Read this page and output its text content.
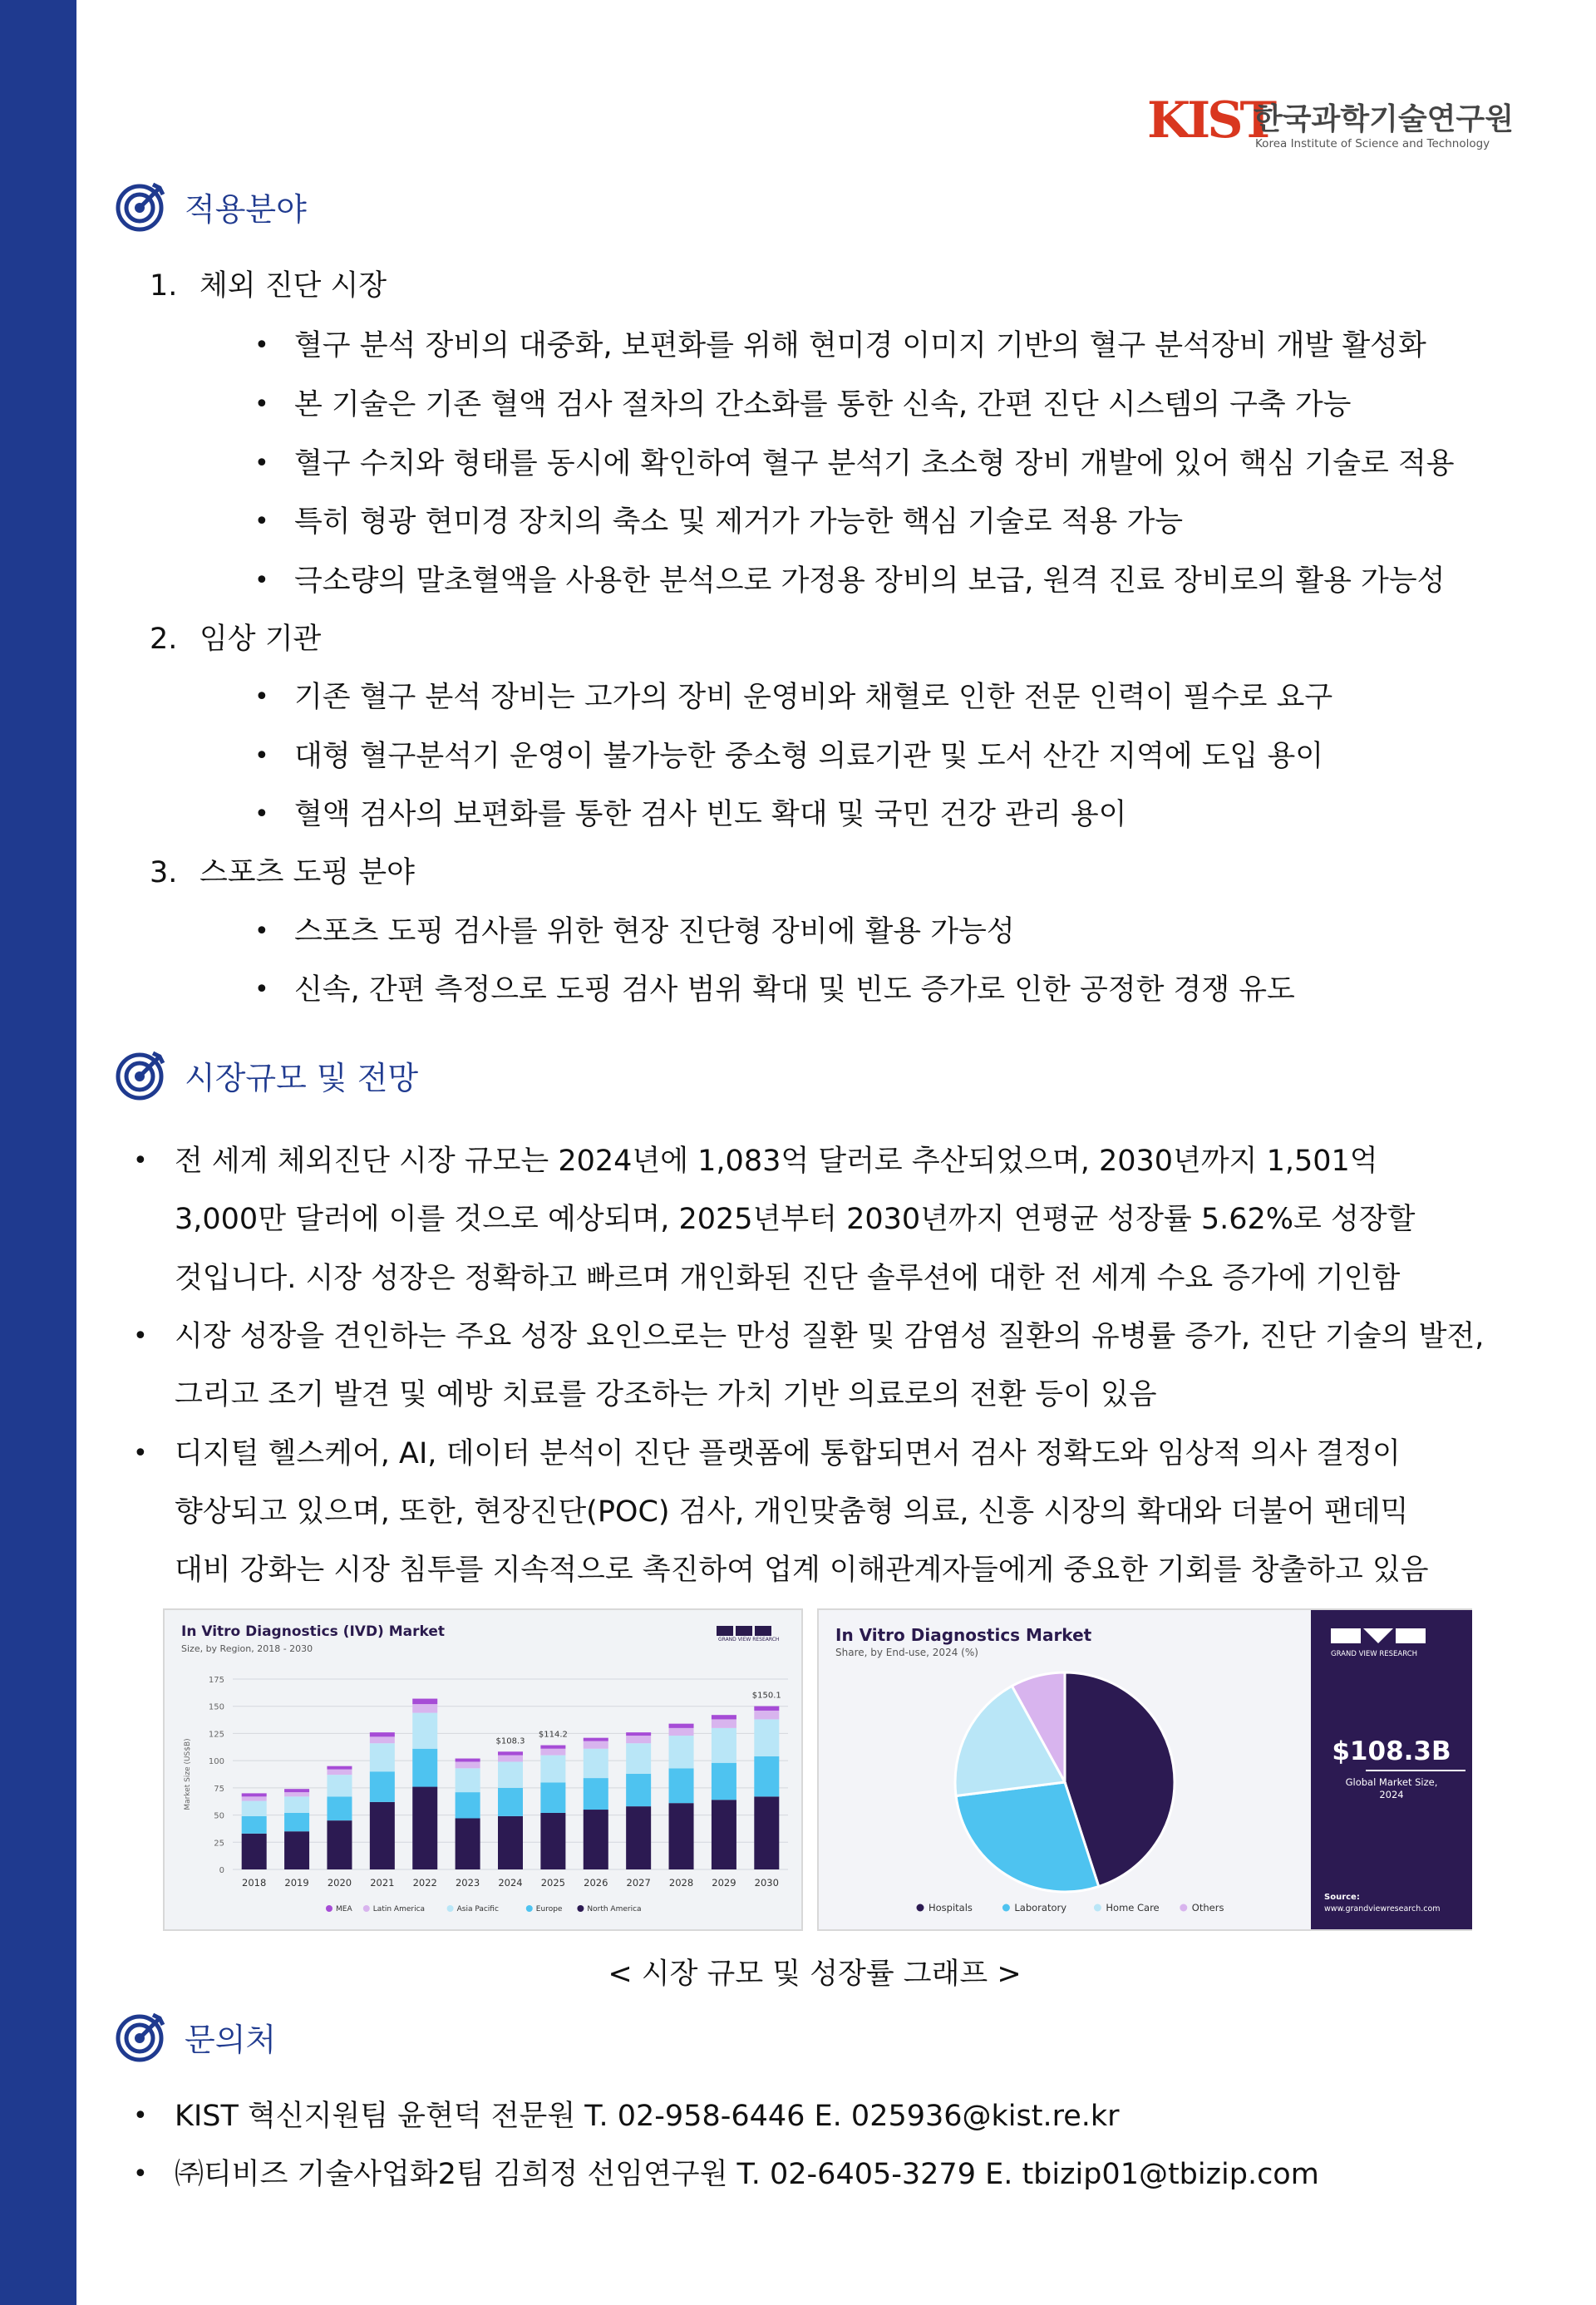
KIST
한국과학기술연구원
Korea Institute of Science and Technology
적용분야
1. 체외 진단 시장
• 혈구 분석 장비의 대중화, 보편화를 위해 현미경 이미지 기반의 혈구 분석장비 개발 활성화
• 본 기술은 기존 혈액 검사 절차의 간소화를 통한 신속, 간편 진단 시스템의 구축 가능
• 혈구 수치와 형태를 동시에 확인하여 혈구 분석기 초소형 장비 개발에 있어 핵심 기술로 적용
• 특히 형광 현미경 장치의 축소 및 제거가 가능한 핵심 기술로 적용 가능
• 극소량의 말초혈액을 사용한 분석으로 가정용 장비의 보급, 원격 진료 장비로의 활용 가능성
2. 임상 기관
• 기존 혈구 분석 장비는 고가의 장비 운영비와 채혈로 인한 전문 인력이 필수로 요구
• 대형 혈구분석기 운영이 불가능한 중소형 의료기관 및 도서 산간 지역에 도입 용이
• 혈액 검사의 보편화를 통한 검사 빈도 확대 및 국민 건강 관리 용이
3. 스포츠 도핑 분야
• 스포츠 도핑 검사를 위한 현장 진단형 장비에 활용 가능성
• 신속, 간편 측정으로 도핑 검사 범위 확대 및 빈도 증가로 인한 공정한 경쟁 유도
시장규모 및 전망
• 전 세계 체외진단 시장 규모는 2024년에 1,083억 달러로 추산되었으며, 2030년까지 1,501억
3,000만 달러에 이를 것으로 예상되며, 2025년부터 2030년까지 연평균 성장률 5.62%로 성장할
것입니다. 시장 성장은 정확하고 빠르며 개인화된 진단 솔루션에 대한 전 세계 수요 증가에 기인함
• 시장 성장을 견인하는 주요 성장 요인으로는 만성 질환 및 감염성 질환의 유병률 증가, 진단 기술의 발전,
그리고 조기 발견 및 예방 치료를 강조하는 가치 기반 의료로의 전환 등이 있음
• 디지털 헬스케어, AI, 데이터 분석이 진단 플랫폼에 통합되면서 검사 정확도와 임상적 의사 결정이
향상되고 있으며, 또한, 현장진단(POC) 검사, 개인맞춤형 의료, 신흥 시장의 확대와 더불어 팬데믹
대비 강화는 시장 침투를 지속적으로 촉진하여 업계 이해관계자들에게 중요한 기회를 창출하고 있음
In Vitro Diagnostics (IVD) Market
Size, by Region, 2018 - 2030
GRAND VIEW RESEARCH
0
25
50
75
100
125
150
175
Market Size (US$B)
2018 2019 2020 2021 2022 2023 2024
$108.3
2025
$114.2
2026 2027 2028 2029 2030
$150.1
MEA	Latin America	Asia Pacific	Europe	North America
In Vitro Diagnostics Market
Share, by End-use, 2024 (%)
Hospitals	Laboratory	Home Care	Others
GRAND VIEW RESEARCH
$108.3B
Global Market Size, 2024
Source:
www.grandviewresearch.com
< 시장 규모 및 성장률 그래프 >
문의처
• KIST 혁신지원팀 윤현덕 전문원 T. 02-958-6446 E. 025936@kist.re.kr
• ㈜티비즈 기술사업화2팀 김희정 선임연구원 T. 02-6405-3279 E. tbizip01@tbizip.com
